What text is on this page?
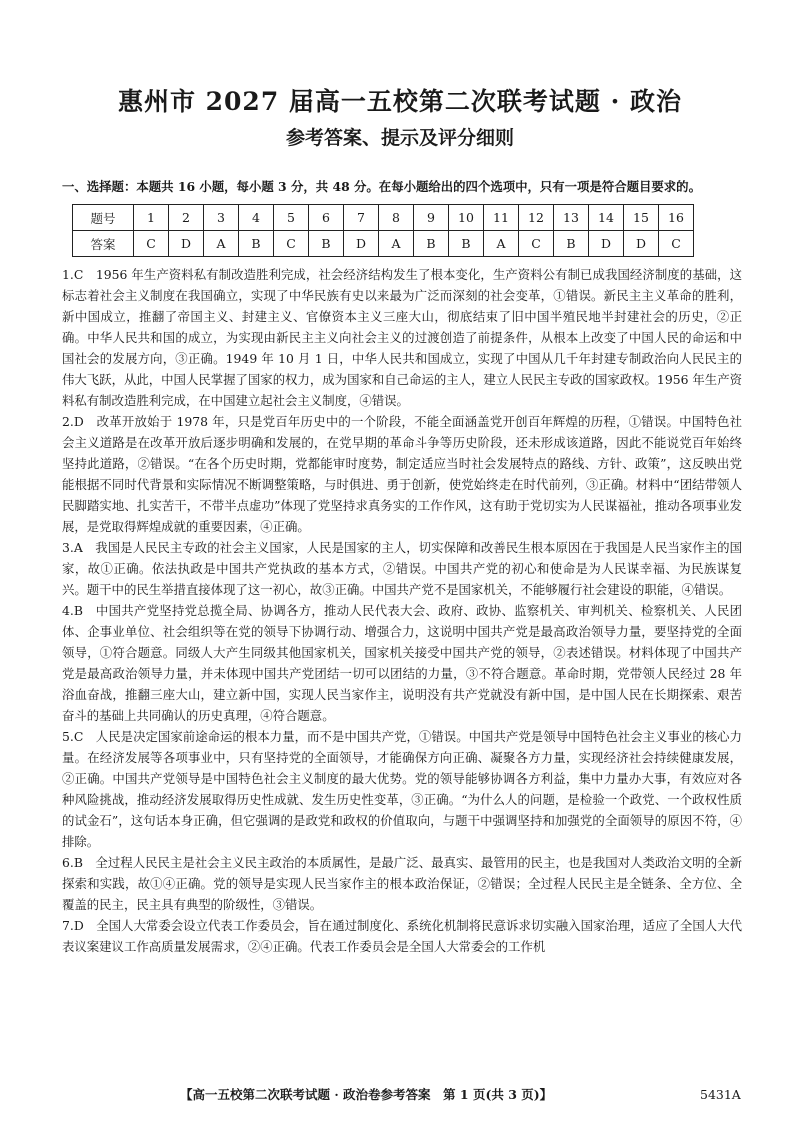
惠州市 2027 届高一五校第二次联考试题 · 政治
参考答案、提示及评分细则
一、选择题：本题共 16 小题，每小题 3 分，共 48 分。在每小题给出的四个选项中，只有一项是符合题目要求的。
题号	1	2	3	4	5	6	7	8	9	10	11	12	13	14	15	16
答案	C	D	A	B	C	B	D	A	B	B	A	C	B	D	D	C

1.C　 1956 年生产资料私有制改造胜利完成，社会经济结构发生了根本变化，生产资料公有制已成我国经济制度的基础，这标志着社会主义制度在我国确立，实现了中华民族有史以来最为广泛而深刻的社会变革，①错误。新民主主义革命的胜利，新中国成立，推翻了帝国主义、封建主义、官僚资本主义三座大山，彻底结束了旧中国半殖民地半封建社会的历史，②正确。中华人民共和国的成立，为实现由新民主主义向社会主义的过渡创造了前提条件，从根本上改变了中国人民的命运和中国社会的发展方向，③正确。1949 年 10 月 1 日，中华人民共和国成立，实现了中国从几千年封建专制政治向人民民主的伟大飞跃，从此，中国人民掌握了国家的权力，成为国家和自己命运的主人，建立人民民主专政的国家政权。1956 年生产资料私有制改造胜利完成，在中国建立起社会主义制度，④错误。

2.D　 改革开放始于 1978 年，只是党百年历史中的一个阶段，不能全面涵盖党开创百年辉煌的历程，①错误。中国特色社会主义道路是在改革开放后逐步明确和发展的，在党早期的革命斗争等历史阶段，还未形成该道路，因此不能说党百年始终坚持此道路，②错误。“在各个历史时期，党都能审时度势，制定适应当时社会发展特点的路线、方针、政策”，这反映出党能根据不同时代背景和实际情况不断调整策略，与时俱进、勇于创新，使党始终走在时代前列，③正确。材料中“团结带领人民脚踏实地、扎实苦干，不带半点虚功”体现了党坚持求真务实的工作作风，这有助于党切实为人民谋福祉，推动各项事业发展，是党取得辉煌成就的重要因素，④正确。

3.A　 我国是人民民主专政的社会主义国家，人民是国家的主人，切实保障和改善民生根本原因在于我国是人民当家作主的国家，故①正确。依法执政是中国共产党执政的基本方式，②错误。中国共产党的初心和使命是为人民谋幸福、为民族谋复兴。题干中的民生举措直接体现了这一初心，故③正确。中国共产党不是国家机关，不能够履行社会建设的职能，④错误。

4.B　 中国共产党坚持党总揽全局、协调各方，推动人民代表大会、政府、政协、监察机关、审判机关、检察机关、人民团体、企事业单位、社会组织等在党的领导下协调行动、增强合力，这说明中国共产党是最高政治领导力量，要坚持党的全面领导，①符合题意。同级人大产生同级其他国家机关，国家机关接受中国共产党的领导，②表述错误。材料体现了中国共产党是最高政治领导力量，并未体现中国共产党团结一切可以团结的力量，③不符合题意。革命时期，党带领人民经过 28 年浴血奋战，推翻三座大山，建立新中国，实现人民当家作主，说明没有共产党就没有新中国，是中国人民在长期探索、艰苦奋斗的基础上共同确认的历史真理，④符合题意。

5.C　 人民是决定国家前途命运的根本力量，而不是中国共产党，①错误。中国共产党是领导中国特色社会主义事业的核心力量。在经济发展等各项事业中，只有坚持党的全面领导，才能确保方向正确、凝聚各方力量，实现经济社会持续健康发展，②正确。中国共产党领导是中国特色社会主义制度的最大优势。党的领导能够协调各方利益，集中力量办大事，有效应对各种风险挑战，推动经济发展取得历史性成就、发生历史性变革，③正确。“为什么人的问题，是检验一个政党、一个政权性质的试金石”，这句话本身正确，但它强调的是政党和政权的价值取向，与题干中强调坚持和加强党的全面领导的原因不符，④排除。

6.B　 全过程人民民主是社会主义民主政治的本质属性，是最广泛、最真实、最管用的民主，也是我国对人类政治文明的全新探索和实践，故①④正确。党的领导是实现人民当家作主的根本政治保证，②错误；全过程人民民主是全链条、全方位、全覆盖的民主，民主具有典型的阶级性，③错误。

7.D　 全国人大常委会设立代表工作委员会，旨在通过制度化、系统化机制将民意诉求切实融入国家治理，适应了全国人大代表议案建议工作高质量发展需求，②④正确。代表工作委员会是全国人大常委会的工作机

【高一五校第二次联考试题 · 政治卷参考答案　第 1 页(共 3 页)】	5431A
